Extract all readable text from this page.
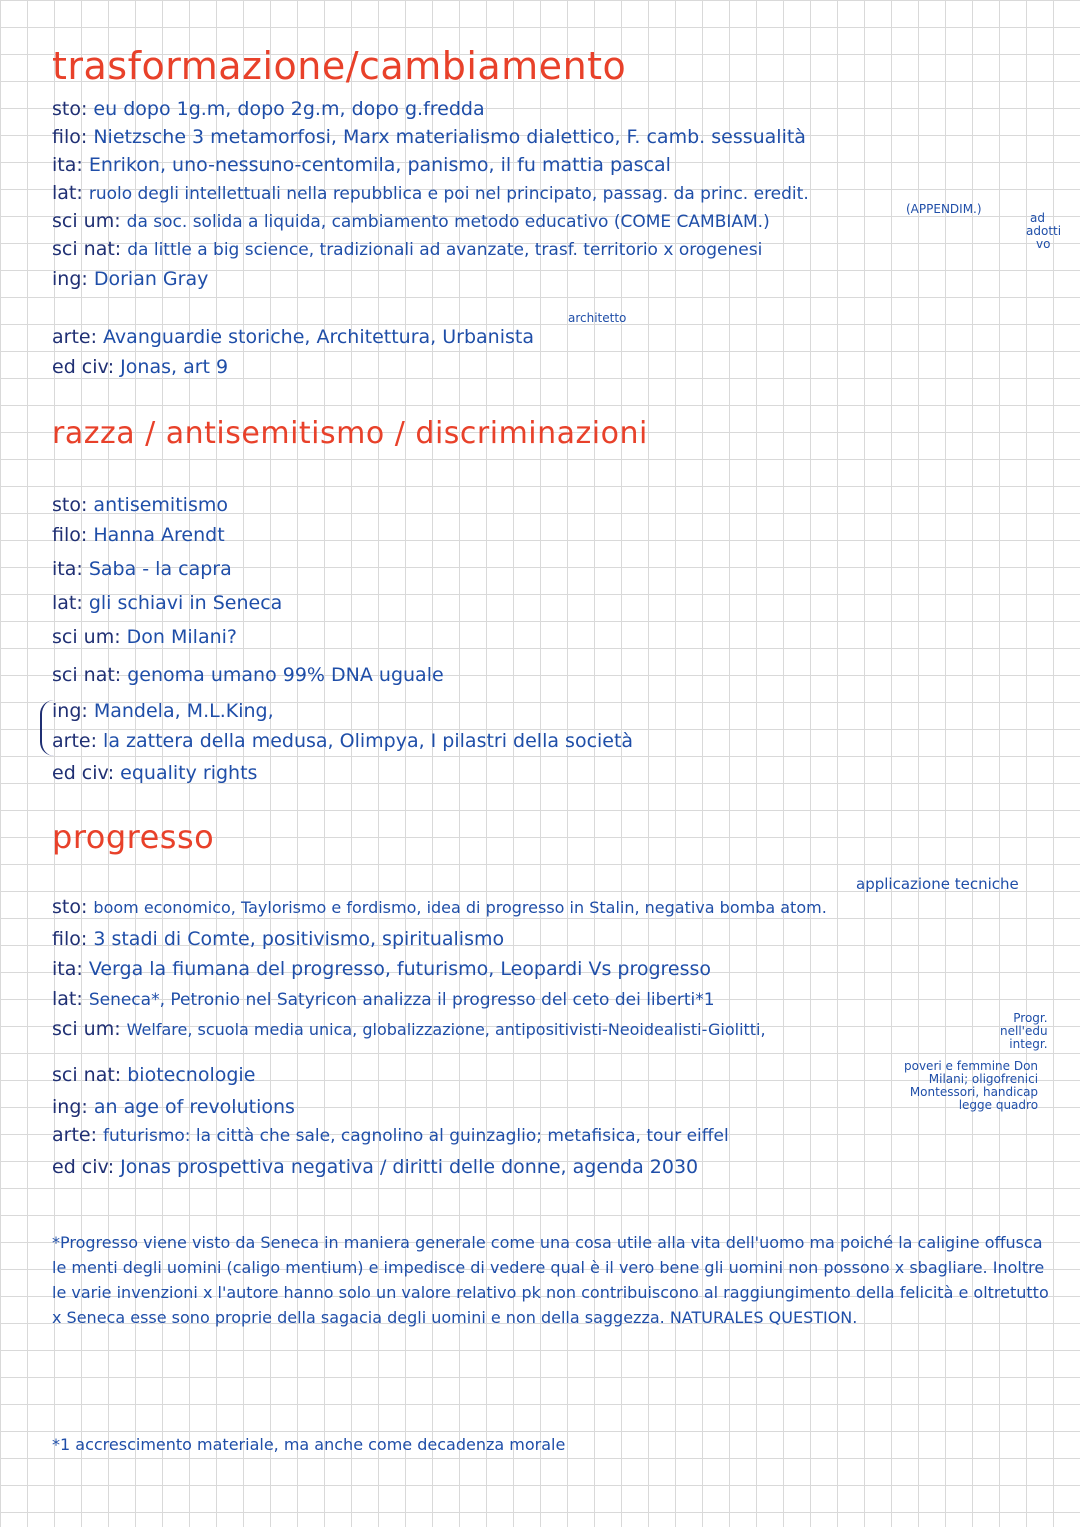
trasformazione/cambiamento

sto: eu dopo 1g.m, dopo 2g.m, dopo g.fredda

filo: Nietzsche 3 metamorfosi, Marx materialismo dialettico, F. camb. sessualità

ita: Enrikon, uno-nessuno-centomila, panismo, il fu mattia pascal

lat: ruolo degli intellettuali nella repubblica e poi nel principato, passag. da princ. eredit.

sci um: da soc. solida a liquida, cambiamento metodo educativo (COME CAMBIAM.)

sci nat: da little a big science, tradizionali ad avanzate, trasf. territorio x orogenesi

ing: Dorian Gray

arte: Avanguardie storiche, Architettura, Urbanista

ed civ: Jonas, art 9

(APPENDIM.)
ad
adotti
vo
architetto
razza / antisemitismo / discriminazioni

sto: antisemitismo

filo: Hanna Arendt

ita: Saba - la capra

lat: gli schiavi in Seneca

sci um: Don Milani?

sci nat: genoma umano 99% DNA uguale

ing: Mandela, M.L.King,

arte: la zattera della medusa, Olimpya, I pilastri della società

ed civ: equality rights

progresso
applicazione tecniche

sto: boom economico, Taylorismo e fordismo, idea di progresso in Stalin, negativa bomba atom.

filo: 3 stadi di Comte, positivismo, spiritualismo

ita: Verga la fiumana del progresso, futurismo, Leopardi Vs progresso

lat: Seneca*, Petronio nel Satyricon analizza il progresso del ceto dei liberti*1

sci um: Welfare, scuola media unica, globalizzazione, antipositivisti-Neoidealisti-Giolitti,

sci nat: biotecnologie

ing: an age of revolutions

arte: futurismo: la città che sale, cagnolino al guinzaglio; metafisica, tour eiffel

ed civ: Jonas prospettiva negativa / diritti delle donne, agenda 2030

Progr.
nell'edu
integr.
poveri e femmine Don
Milani; oligofrenici
Montessori, handicap
legge quadro

*Progresso viene visto da Seneca in maniera generale come una cosa utile alla vita dell'uomo ma poiché la caligine offusca le menti degli uomini (caligo mentium) e impedisce di vedere qual è il vero bene gli uomini non possono x sbagliare. Inoltre le varie invenzioni x l'autore hanno solo un valore relativo pk non contribuiscono al raggiungimento della felicità e oltretutto x Seneca esse sono proprie della sagacia degli uomini e non della saggezza. NATURALES QUESTION.

*1 accrescimento materiale, ma anche come decadenza morale
